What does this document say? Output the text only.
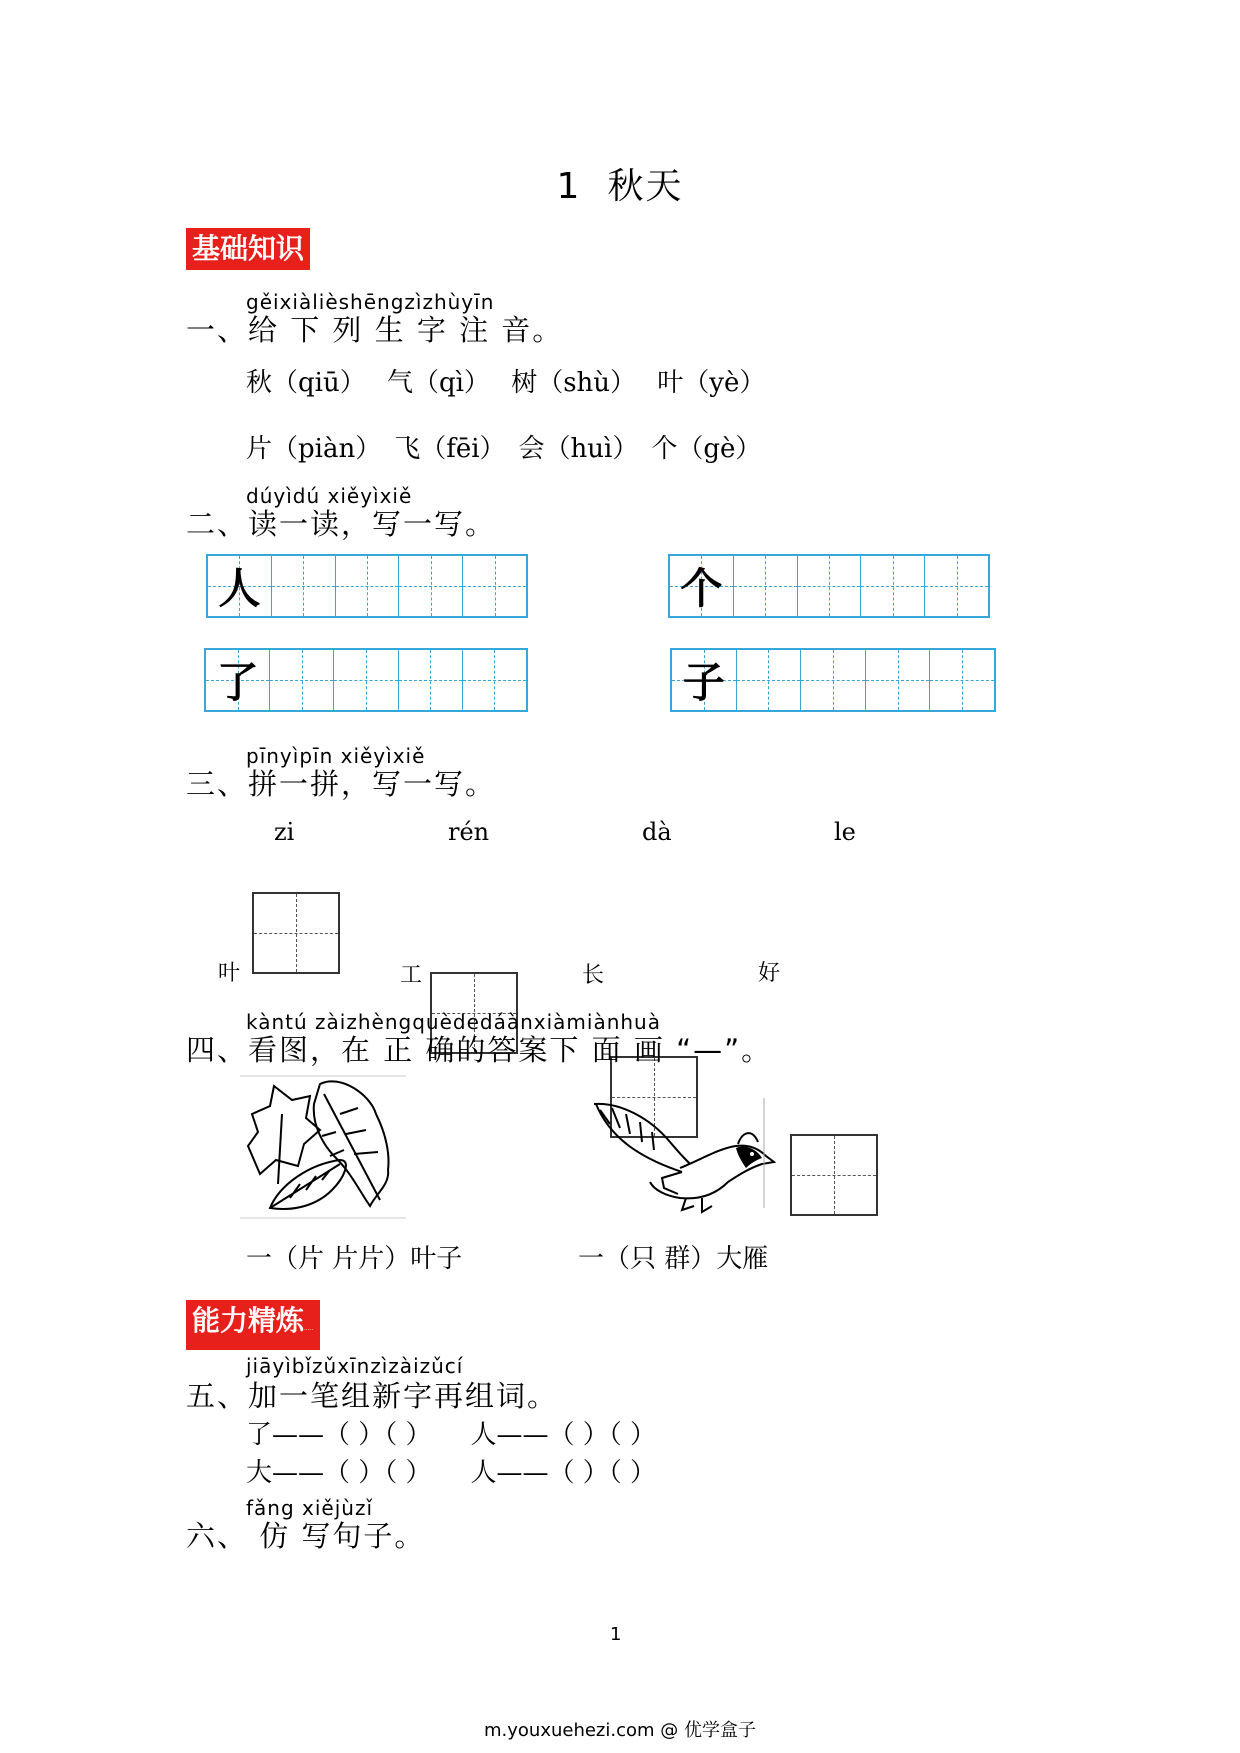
1 秋天
基础知识
gěixiàlièshēngzìzhùyīn
一、给 下 列 生 字 注 音。
秋（qiū）　 气（qì）　 树（shù）　 叶（yè）
片（piàn）　飞（fēi）　会（huì）　个（gè）
dúyìdú xiěyìxiě
二、读一读，写一写。
人	个
了	子
pīnyìpīn xiěyìxiě
三、拼一拼，写一写。
zi	rén	dà	le
叶	工	长	好
kàntú zàizhèngquèdedáànxiàmiànhuà
四、看图，在 正 确的答案下 面 画 “—”。
一（片 片片）叶子	一（只 群）大雁
能力精炼.....
jiāyìbǐzǔxīnzìzàizǔcí
五、加一笔组新字再组词。
了——（ ）（ ）　　人——（ ）（ ）
大——（ ）（ ）　　人——（ ）（ ）
fǎng xiějùzǐ
六、 仿 写句子。
1
m.youxuehezi.com @ 优学盒子
